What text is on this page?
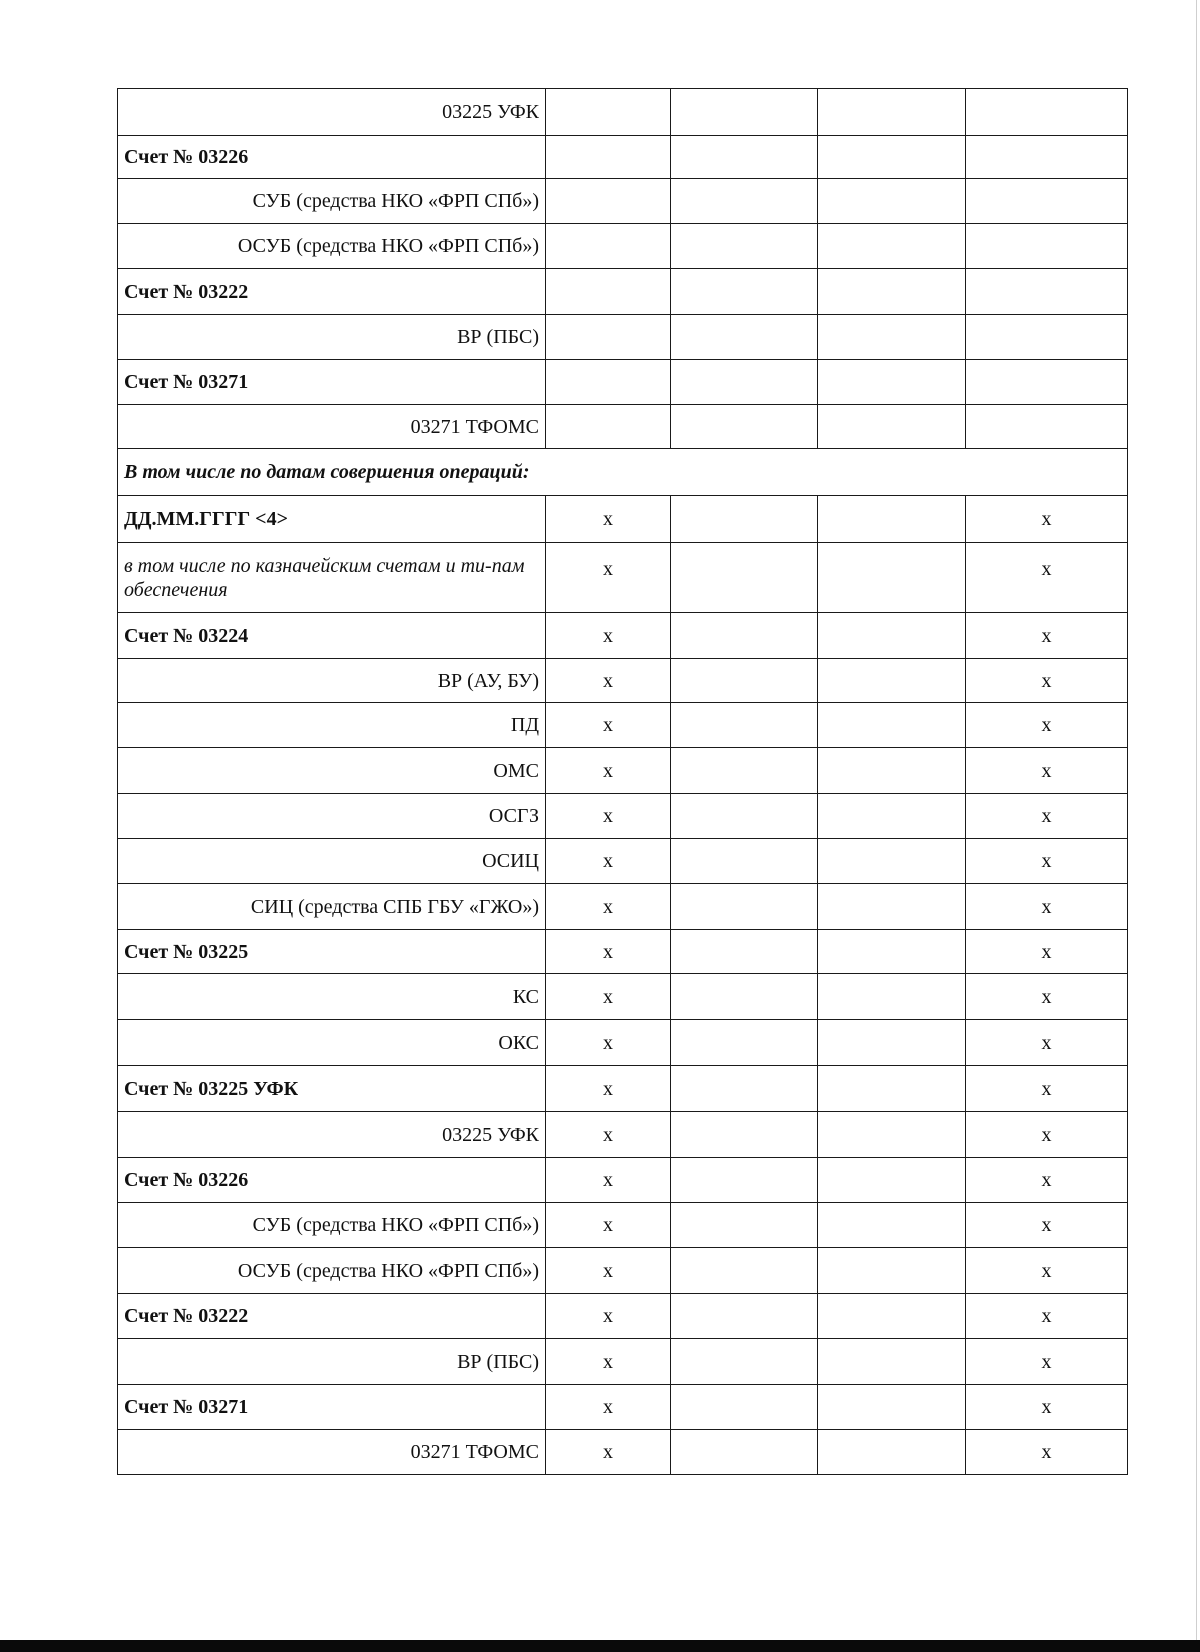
03225 УФК				
Счет № 03226				
СУБ (средства НКО «ФРП СПб»)				
ОСУБ (средства НКО «ФРП СПб»)				
Счет № 03222				
ВР (ПБС)				
Счет № 03271				
03271 ТФОМС				
В том числе по датам совершения операций:				
ДД.ММ.ГГГГ <4>	x			x
в том числе по казначейским счетам и ти-пам обеспечения	x			x
Счет № 03224	x			x
ВР (АУ, БУ)	x			x
ПД	x			x
ОМС	x			x
ОСГЗ	x			x
ОСИЦ	x			x
СИЦ (средства СПБ ГБУ «ГЖО»)	x			x
Счет № 03225	x			x
КС	x			x
ОКС	x			x
Счет № 03225 УФК	x			x
03225 УФК	x			x
Счет № 03226	x			x
СУБ (средства НКО «ФРП СПб»)	x			x
ОСУБ (средства НКО «ФРП СПб»)	x			x
Счет № 03222	x			x
ВР (ПБС)	x			x
Счет № 03271	x			x
03271 ТФОМС	x			x
